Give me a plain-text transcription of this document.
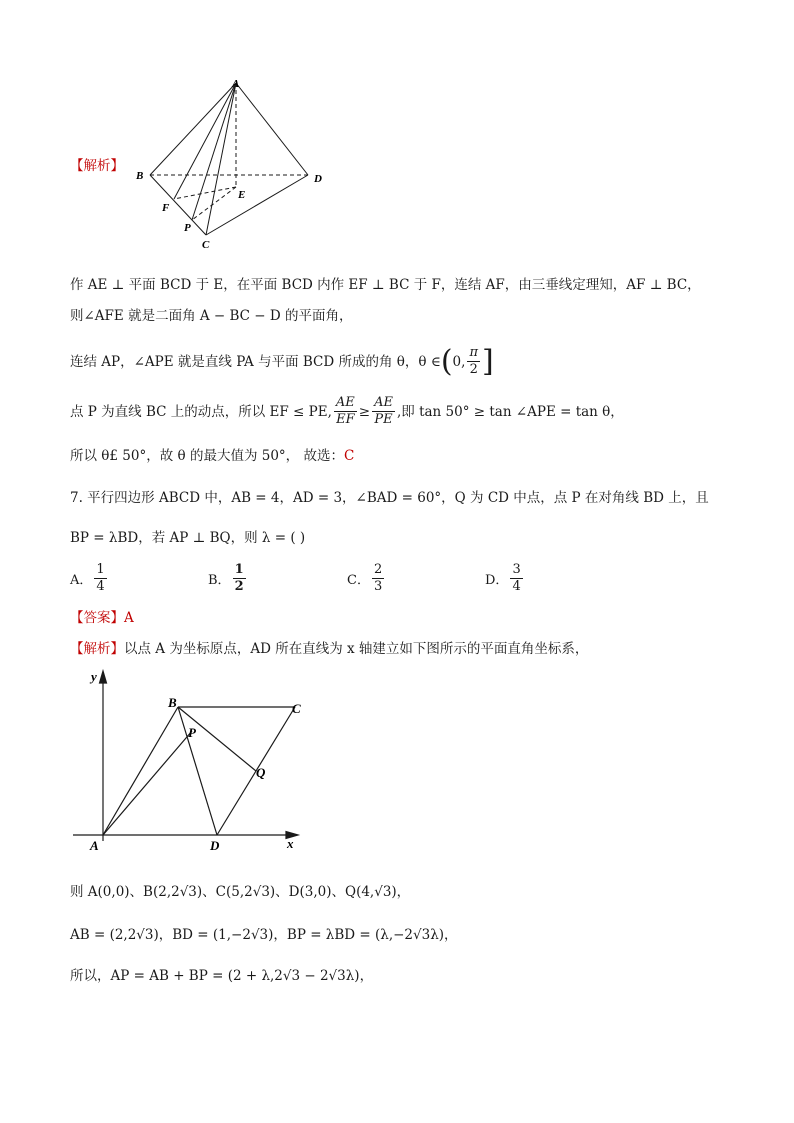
A
B	D
E
F
P
C
【解析】
作 AE ⊥ 平面 BCD 于 E，在平面 BCD 内作 EF ⊥ BC 于 F，连结 AF，由三垂线定理知，AF ⊥ BC，
则∠AFE 就是二面角 A − BC − D 的平面角，
连结 AP，∠APE 就是直线 PA 与平面 BCD 所成的角 θ，θ ∈ ( 0, $\frac{\pi}{2}$ ]
点 P 为直线 BC 上的动点，所以 EF ≤ PE, $\frac{AE}{EF} \ge \frac{AE}{PE}$ ,即 tan 50° ≥ tan ∠APE = tan θ，
所以 θ£ 50°，故 θ 的最大值为 50°， 故选：C
7. 平行四边形 ABCD 中，AB = 4，AD = 3，∠BAD = 60°，Q 为 CD 中点，点 P 在对角线 BD 上，且
BP = λBD，若 AP ⊥ BQ，则 λ = ( )
A． $\frac{1}{4}$	B． $\frac{1}{2}$	C． $\frac{2}{3}$	D． $\frac{3}{4}$
【答案】A
【解析】以点 A 为坐标原点，AD 所在直线为 x 轴建立如下图所示的平面直角坐标系，
y
x
A
B	C
D
P
Q
则 A(0,0)、B(2,2√3)、C(5,2√3)、D(3,0)、Q(4,√3)，
AB = (2,2√3)，BD = (1,−2√3)，BP = λBD = (λ,−2√3λ)，
所以，AP = AB + BP = (2 + λ,2√3 − 2√3λ)，
